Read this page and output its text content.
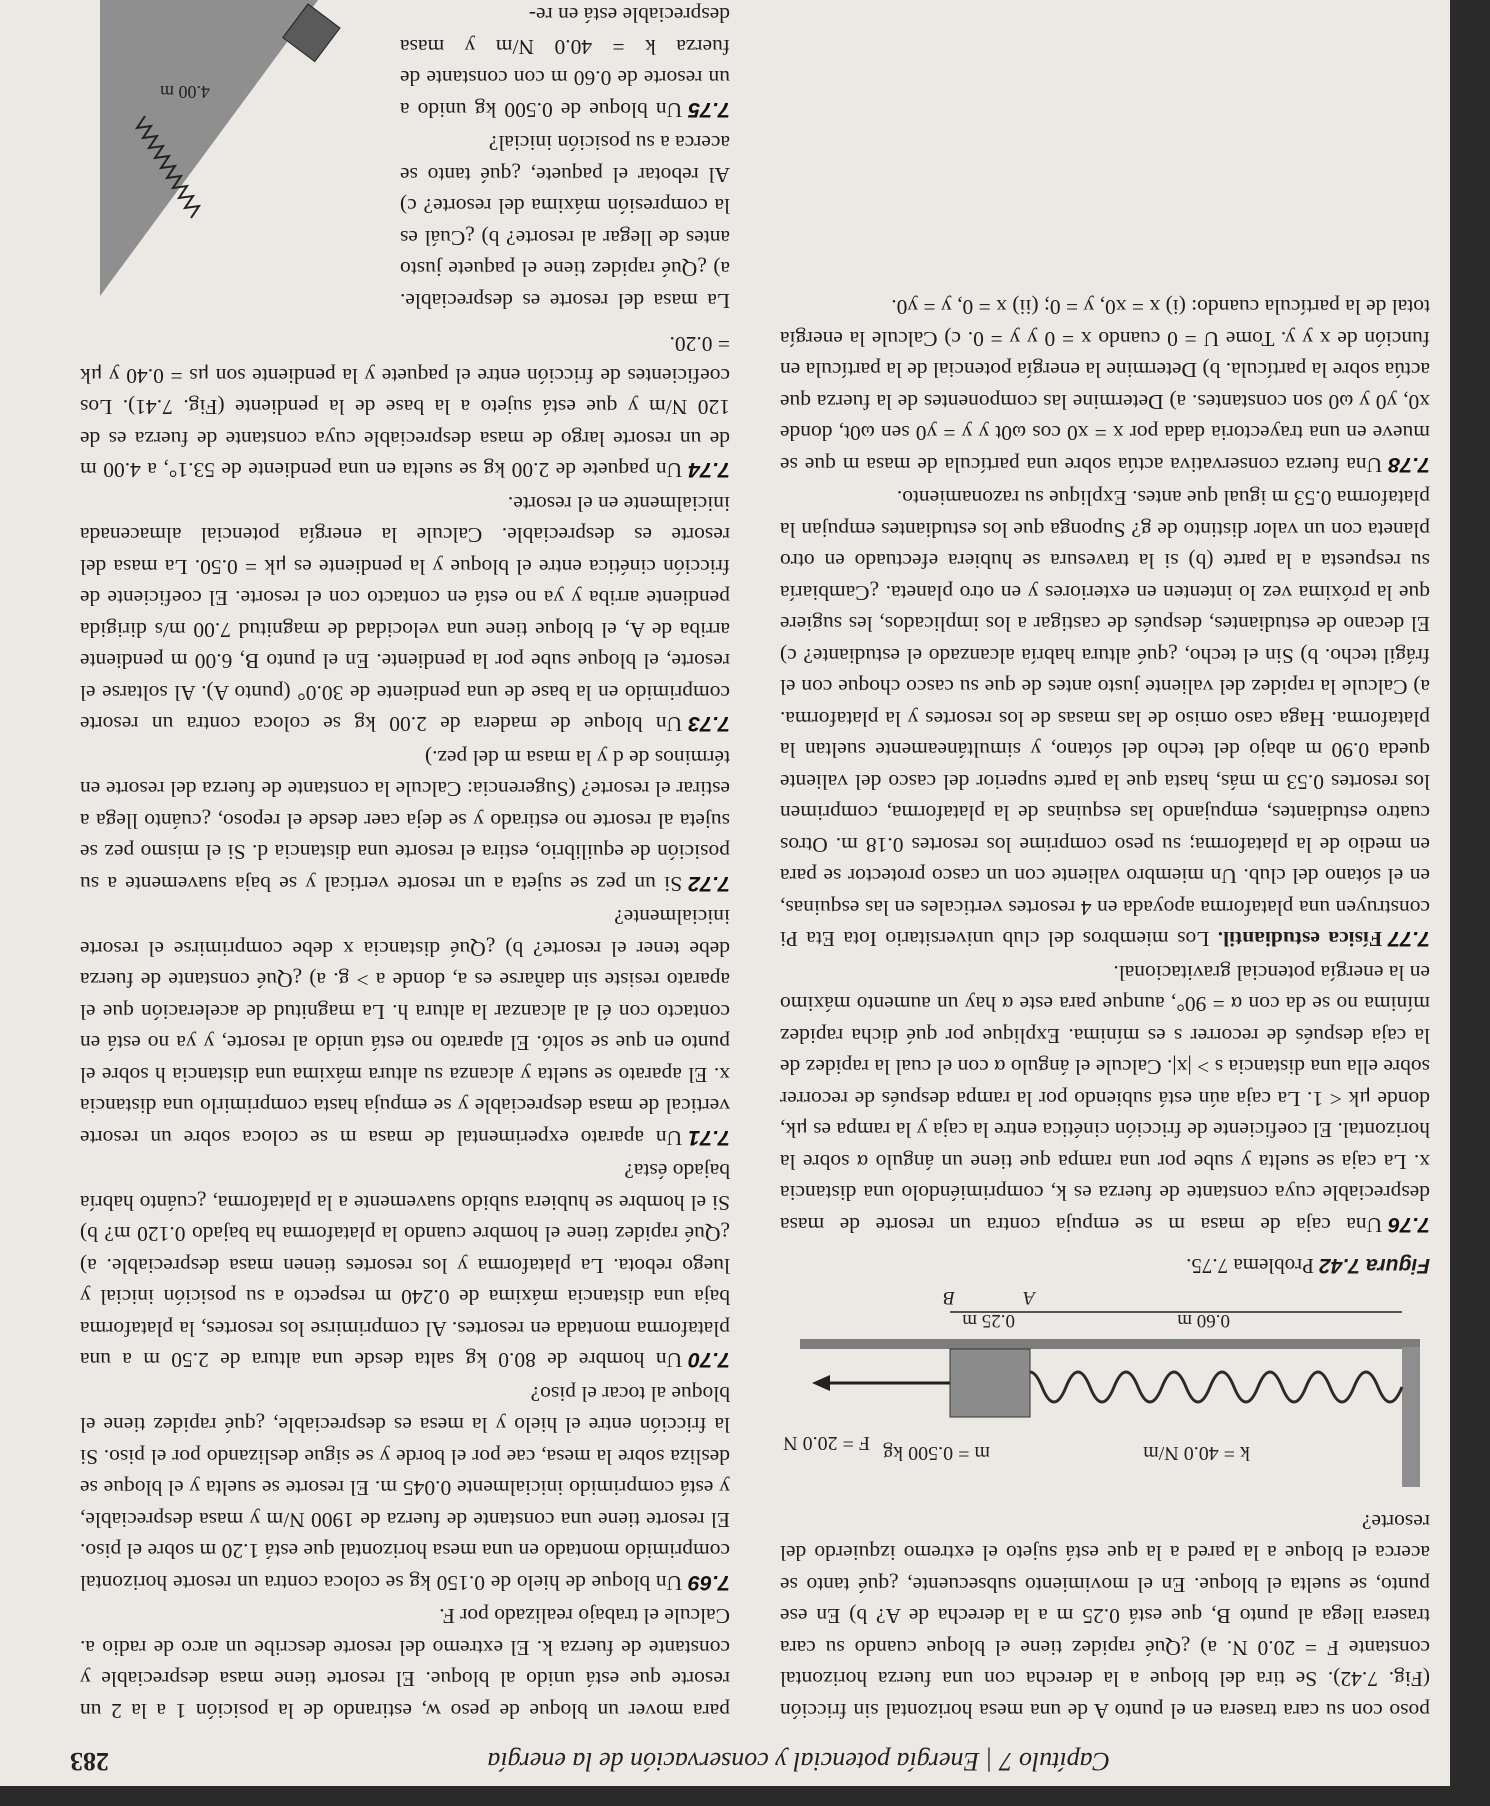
Capítulo 7 | Energía potencial y conservación de la energía
283

poso con su cara trasera en el punto A de una mesa horizontal sin fricción (Fig. 7.42). Se tira del bloque a la derecha con una fuerza horizontal constante F = 20.0 N. a) ¿Qué rapidez tiene el bloque cuando su cara trasera llega al punto B, que está 0.25 m a la derecha de A? b) En ese punto, se suelta el bloque. En el movimiento subsecuente, ¿qué tanto se acerca el bloque a la pared a la que está sujeto el extremo izquierdo del resorte?

m = 0.500 kg
F = 20.0 N	k = 40.0 N/m
0.60 m
0.25 m
A
B
Figura 7.42 Problema 7.75.

7.76Una caja de masa m se empuja contra un resorte de masa despreciable cuya constante de fuerza es k, comprimiéndolo una distancia x. La caja se suelta y sube por una rampa que tiene un ángulo α sobre la horizontal. El coeficiente de fricción cinética entre la caja y la rampa es μk, donde μk < 1. La caja aún está subiendo por la rampa después de recorrer sobre ella una distancia s > |x|. Calcule el ángulo α con el cual la rapidez de la caja después de recorrer s es mínima. Explique por qué dicha rapidez mínima no se da con α = 90°, aunque para este α hay un aumento máximo en la energía potencial gravitacional.

7.77Física estudiantil. Los miembros del club universitario Iota Eta Pi construyen una plataforma apoyada en 4 resortes verticales en las esquinas, en el sótano del club. Un miembro valiente con un casco protector se para en medio de la plataforma; su peso comprime los resortes 0.18 m. Otros cuatro estudiantes, empujando las esquinas de la plataforma, comprimen los resortes 0.53 m más, hasta que la parte superior del casco del valiente queda 0.90 m abajo del techo del sótano, y simultáneamente sueltan la plataforma. Haga caso omiso de las masas de los resortes y la plataforma. a) Calcule la rapidez del valiente justo antes de que su casco choque con el frágil techo. b) Sin el techo, ¿qué altura habría alcanzado el estudiante? c) El decano de estudiantes, después de castigar a los implicados, les sugiere que la próxima vez lo intenten en exteriores y en otro planeta. ¿Cambiaría su respuesta a la parte (b) si la travesura se hubiera efectuado en otro planeta con un valor distinto de g? Suponga que los estudiantes empujan la plataforma 0.53 m igual que antes. Explique su razonamiento.

7.78Una fuerza conservativa actúa sobre una partícula de masa m que se mueve en una trayectoria dada por x = x0 cos ω0t y y = y0 sen ω0t, donde x0, y0 y ω0 son constantes. a) Determine las componentes de la fuerza que actúa sobre la partícula. b) Determine la energía potencial de la partícula en función de x y y. Tome U = 0 cuando x = 0 y y = 0. c) Calcule la energía total de la partícula cuando: (i) x = x0, y = 0; (ii) x = 0, y = y0.

para mover un bloque de peso w, estirando de la posición 1 a la 2 un resorte que está unido al bloque. El resorte tiene masa despreciable y constante de fuerza k. El extremo del resorte describe un arco de radio a. Calcule el trabajo realizado por F.

7.69Un bloque de hielo de 0.150 kg se coloca contra un resorte horizontal comprimido montado en una mesa horizontal que está 1.20 m sobre el piso. El resorte tiene una constante de fuerza de 1900 N/m y masa despreciable, y está comprimido inicialmente 0.045 m. El resorte se suelta y el bloque se desliza sobre la mesa, cae por el borde y se sigue deslizando por el piso. Si la fricción entre el hielo y la mesa es despreciable, ¿qué rapidez tiene el bloque al tocar el piso?

7.70Un hombre de 80.0 kg salta desde una altura de 2.50 m a una plataforma montada en resortes. Al comprimirse los resortes, la plataforma baja una distancia máxima de 0.240 m respecto a su posición inicial y luego rebota. La plataforma y los resortes tienen masa despreciable. a) ¿Qué rapidez tiene el hombre cuando la plataforma ha bajado 0.120 m? b) Si el hombre se hubiera subido suavemente a la plataforma, ¿cuánto habría bajado ésta?

7.71Un aparato experimental de masa m se coloca sobre un resorte vertical de masa despreciable y se empuja hasta comprimirlo una distancia x. El aparato se suelta y alcanza su altura máxima una distancia h sobre el punto en que se soltó. El aparato no está unido al resorte, y ya no está en contacto con él al alcanzar la altura h. La magnitud de aceleración que el aparato resiste sin dañarse es a, donde a > g. a) ¿Qué constante de fuerza debe tener el resorte? b) ¿Qué distancia x debe comprimirse el resorte inicialmente?

7.72Si un pez se sujeta a un resorte vertical y se baja suavemente a su posición de equilibrio, estira el resorte una distancia d. Si el mismo pez se sujeta al resorte no estirado y se deja caer desde el reposo, ¿cuánto llega a estirar el resorte? (Sugerencia: Calcule la constante de fuerza del resorte en términos de d y la masa m del pez.)

7.73Un bloque de madera de 2.00 kg se coloca contra un resorte comprimido en la base de una pendiente de 30.0° (punto A). Al soltarse el resorte, el bloque sube por la pendiente. En el punto B, 6.00 m pendiente arriba de A, el bloque tiene una velocidad de magnitud 7.00 m/s dirigida pendiente arriba y ya no está en contacto con el resorte. El coeficiente de fricción cinética entre el bloque y la pendiente es μk = 0.50. La masa del resorte es despreciable. Calcule la energía potencial almacenada inicialmente en el resorte.

7.74Un paquete de 2.00 kg se suelta en una pendiente de 53.1°, a 4.00 m de un resorte largo de masa despreciable cuya constante de fuerza es de 120 N/m y que está sujeto a la base de la pendiente (Fig. 7.41). Los coeficientes de fricción entre el paquete y la pendiente son μs = 0.40 y μk = 0.20.

La masa del resorte es despreciable. a) ¿Qué rapidez tiene el paquete justo antes de llegar al resorte? b) ¿Cuál es la compresión máxima del resorte? c) Al rebotar el paquete, ¿qué tanto se acerca a su posición inicial?

7.75Un bloque de 0.500 kg unido a un resorte de 0.60 m con constante de fuerza k = 40.0 N/m y masa despreciable está en re-

4.00 m
